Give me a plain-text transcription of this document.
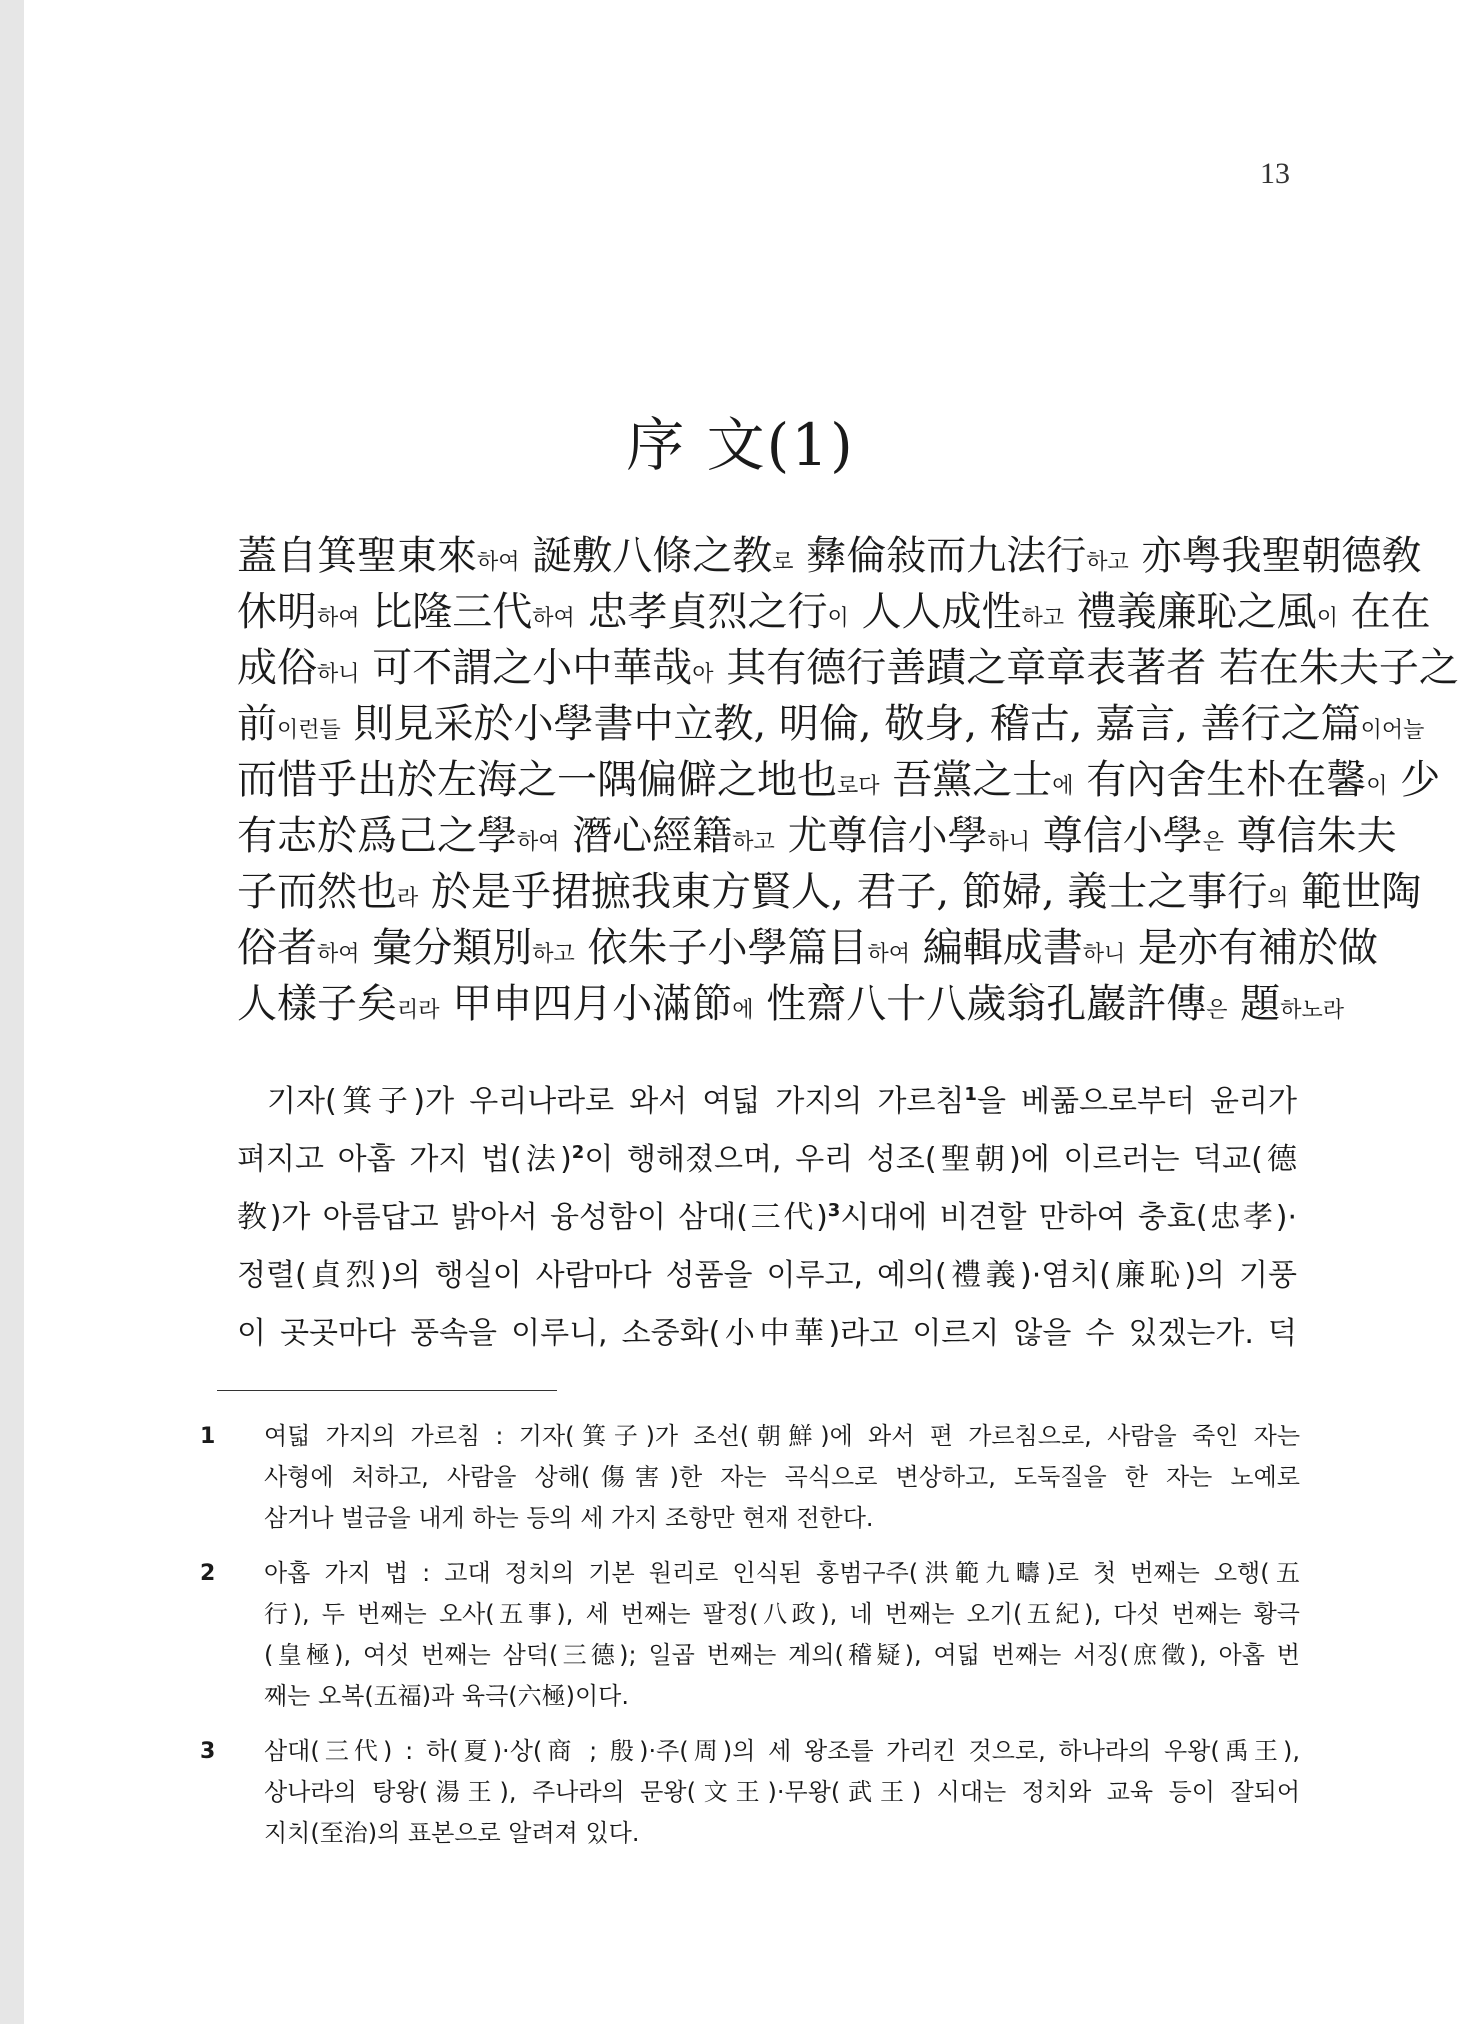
13
序 文(1)
蓋自箕聖東來하여 誕敷八條之教로 彝倫敍而九法行하고 亦粤我聖朝德敎
休明하여 比隆三代하여 忠孝貞烈之行이 人人成性하고 禮義廉恥之風이 在在
成俗하니 可不謂之小中華哉아 其有德行善蹟之章章表著者 若在朱夫子之
前이런들 則見采於小學書中立教, 明倫, 敬身, 稽古, 嘉言, 善行之篇이어늘
而惜乎出於左海之一隅偏僻之地也로다 吾黨之士에 有內舍生朴在馨이 少
有志於爲己之學하여 潛心經籍하고 尤尊信小學하니 尊信小學은 尊信朱夫
子而然也라 於是乎捃摭我東方賢人, 君子, 節婦, 義士之事行의 範世陶
俗者하여 彙分類別하고 依朱子小學篇目하여 編輯成書하니 是亦有補於做
人樣子矣리라 甲申四月小滿節에 性齋八十八歲翁孔巖許傳은 題하노라
기자(箕子)가 우리나라로 와서 여덟 가지의 가르침$^1$을 베풂으로부터 윤리가
펴지고 아홉 가지 법(法)$^2$이 행해졌으며, 우리 성조(聖朝)에 이르러는 덕교(德
教)가 아름답고 밝아서 융성함이 삼대(三代)$^3$시대에 비견할 만하여 충효(忠孝)·
정렬(貞烈)의 행실이 사람마다 성품을 이루고, 예의(禮義)·염치(廉恥)의 기풍
이 곳곳마다 풍속을 이루니, 소중화(小中華)라고 이르지 않을 수 있겠는가. 덕
1	여덟 가지의 가르침 : 기자(箕子)가 조선(朝鮮)에 와서 편 가르침으로, 사람을 죽인 자는
사형에 처하고, 사람을 상해(傷害)한 자는 곡식으로 변상하고, 도둑질을 한 자는 노예로
삼거나 벌금을 내게 하는 등의 세 가지 조항만 현재 전한다.
2	아홉 가지 법 : 고대 정치의 기본 원리로 인식된 홍범구주(洪範九疇)로 첫 번째는 오행(五
行), 두 번째는 오사(五事), 세 번째는 팔정(八政), 네 번째는 오기(五紀), 다섯 번째는 황극
(皇極), 여섯 번째는 삼덕(三德); 일곱 번째는 계의(稽疑), 여덟 번째는 서징(庶徵), 아홉 번
째는 오복(五福)과 육극(六極)이다.
3	삼대(三代) : 하(夏)·상(商 ; 殷)·주(周)의 세 왕조를 가리킨 것으로, 하나라의 우왕(禹王),
상나라의 탕왕(湯王), 주나라의 문왕(文王)·무왕(武王) 시대는 정치와 교육 등이 잘되어
지치(至治)의 표본으로 알려져 있다.
